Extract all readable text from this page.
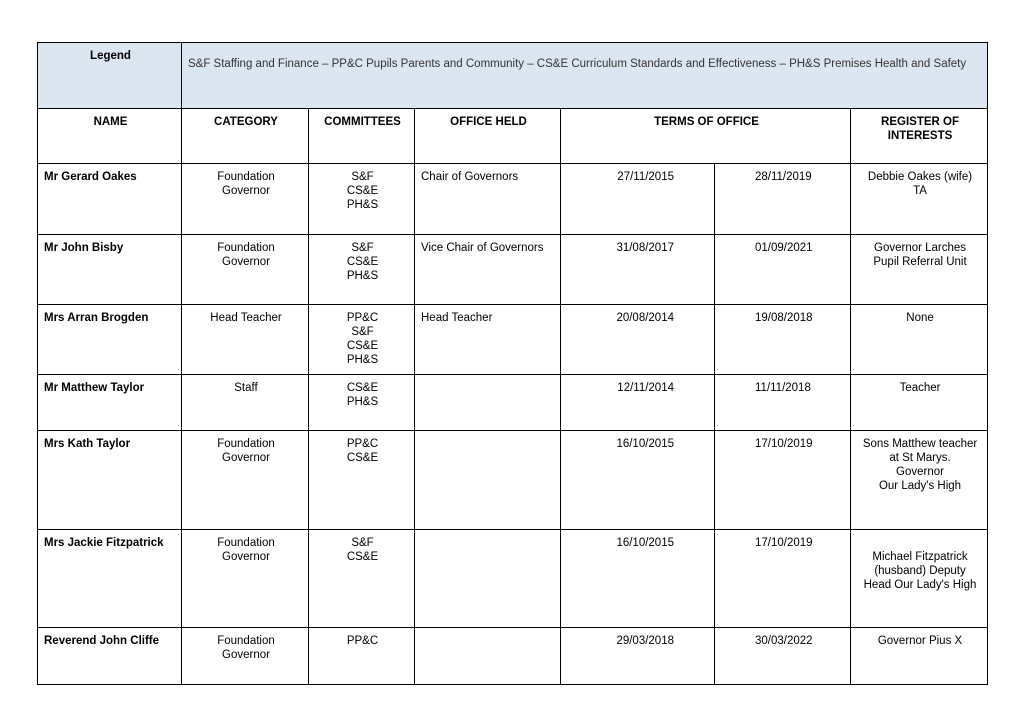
Legend	S&F Staffing and Finance – PP&C Pupils Parents and Community – CS&E Curriculum Standards and Effectiveness – PH&S Premises Health and Safety					
NAME	CATEGORY	COMMITTEES	OFFICE HELD	TERMS OF OFFICE		REGISTER OF
INTERESTS

Mr Gerard Oakes	Foundation
Governor	S&F
CS&E
PH&S	Chair of Governors	27/11/2015	28/11/2019	Debbie Oakes (wife)
TA

Mr John Bisby	Foundation
Governor	S&F
CS&E
PH&S	Vice Chair of Governors	31/08/2017	01/09/2021	Governor Larches
Pupil Referral Unit

Mrs Arran Brogden	Head Teacher	PP&C
S&F
CS&E
PH&S	Head Teacher	20/08/2014	19/08/2018	None

Mr Matthew Taylor	Staff	CS&E
PH&S		12/11/2014	11/11/2018	Teacher

Mrs Kath Taylor	Foundation
Governor	PP&C
CS&E		16/10/2015	17/10/2019	Sons Matthew teacher
at St Marys.
Governor
Our Lady's High

Mrs Jackie Fitzpatrick	Foundation
Governor	S&F
CS&E		16/10/2015	17/10/2019	Michael Fitzpatrick
(husband) Deputy
Head Our Lady's High

Reverend John Cliffe	Foundation
Governor	PP&C		29/03/2018	30/03/2022	Governor Pius X
